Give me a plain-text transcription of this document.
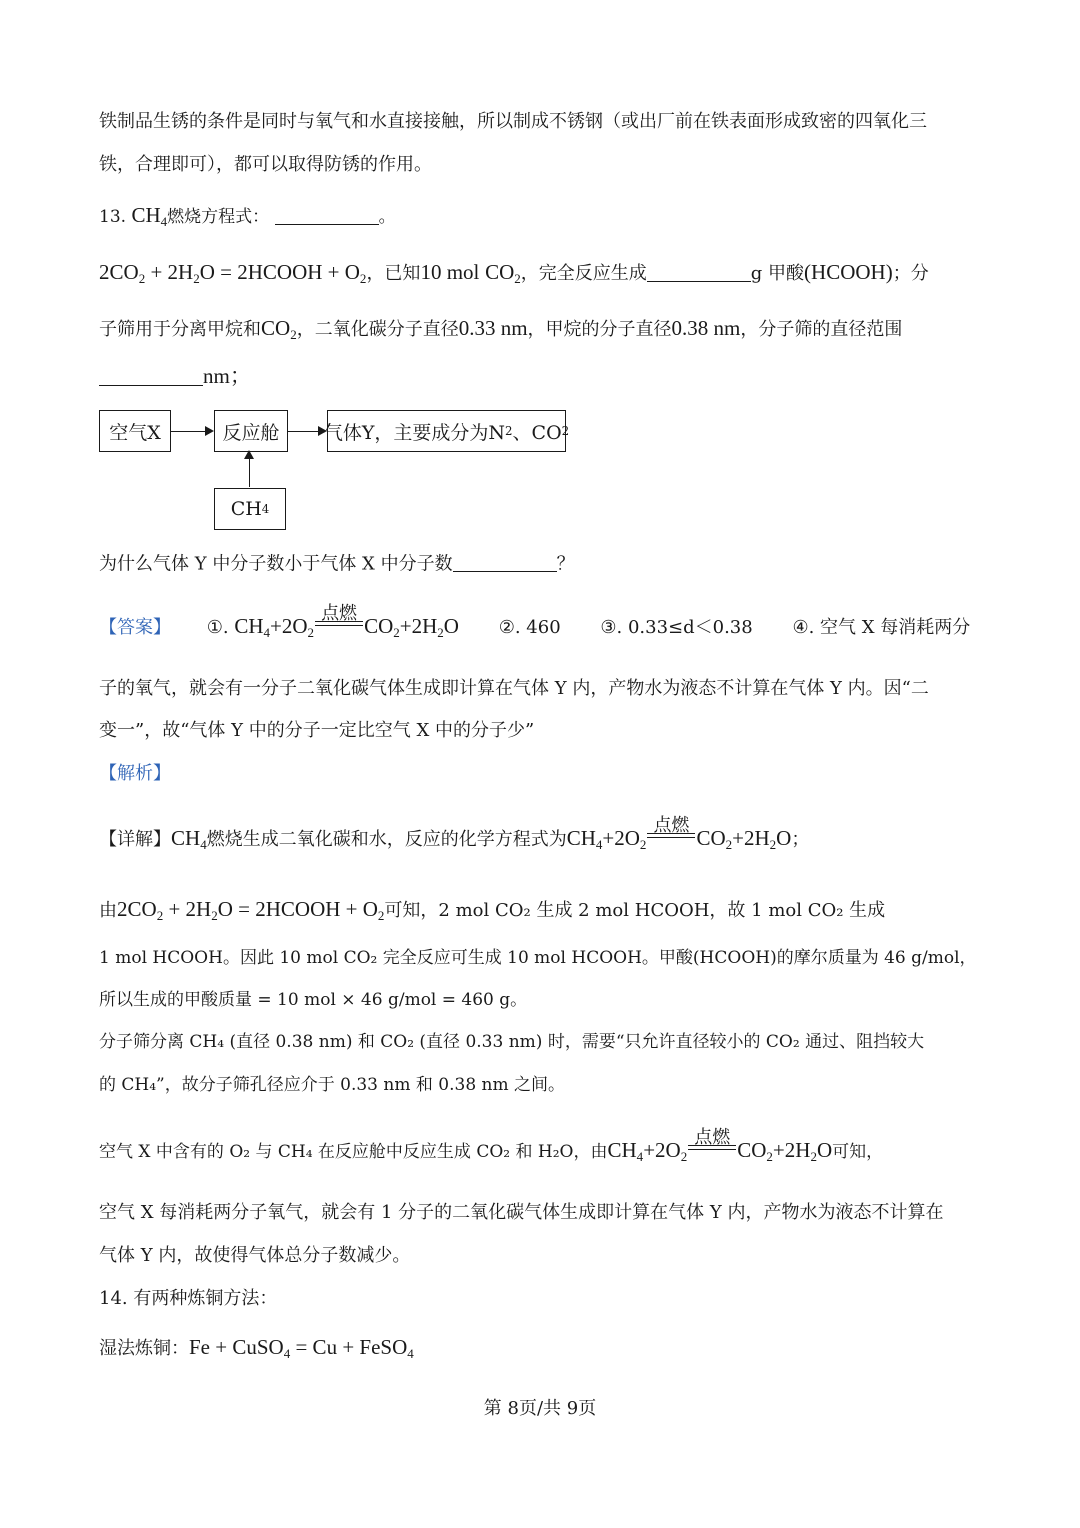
铁制品生锈的条件是同时与氧气和水直接接触，所以制成不锈钢（或出厂前在铁表面形成致密的四氧化三
铁，合理即可），都可以取得防锈的作用。
13. $CH_4$燃烧方程式：	。
$2CO_2 + 2H_2O$ = 2HCOOH + $O_2$，已知10 mol $CO_2$，完全反应生成	g 甲酸(HCOOH)；分
子筛用于分离甲烷和$CO_2$，二氧化碳分子直径0.33 nm，甲烷的分子直径0.38 nm，分子筛的直径范围
nm；
空气X	反应舱	气体Y，主要成分为N 2 、CO 2
CH 4
为什么气体 Y 中分子数小于气体 X 中分子数	？
【答案】 ①. $CH_4+2O_2$
点燃
$CO_2+2H_2O$ ②. 460 ③. 0.33≤d＜0.38 ④. 空气 X 每消耗两分
子的氧气，就会有一分子二氧化碳气体生成即计算在气体 Y 内，产物水为液态不计算在气体 Y 内。因“二
变一”，故“气体 Y 中的分子一定比空气 X 中的分子少”
【解析】
【详解】$CH_4$燃烧生成二氧化碳和水，反应的化学方程式为$CH_4+2O_2$
点燃
$CO_2+2H_2O$；
由$2CO_2 + 2H_2O$ = 2HCOOH + $O_2$可知，2 mol CO₂ 生成 2 mol HCOOH，故 1 mol CO₂ 生成
1 mol HCOOH。因此 10 mol CO₂ 完全反应可生成 10 mol HCOOH。甲酸(HCOOH)的摩尔质量为 46 g/mol，
所以生成的甲酸质量 = 10 mol × 46 g/mol = 460 g。
分子筛分离 CH₄ (直径 0.38 nm) 和 CO₂ (直径 0.33 nm) 时，需要“只允许直径较小的 CO₂ 通过、阻挡较大
的 CH₄”，故分子筛孔径应介于 0.33 nm 和 0.38 nm 之间。
空气 X 中含有的 O₂ 与 CH₄ 在反应舱中反应生成 CO₂ 和 H₂O，由$CH_4+2O_2$
点燃
$CO_2+2H_2O$可知，
空气 X 每消耗两分子氧气，就会有 1 分子的二氧化碳气体生成即计算在气体 Y 内，产物水为液态不计算在
气体 Y 内，故使得气体总分子数减少。
14. 有两种炼铜方法：
湿法炼铜：Fe + CuSO$_4$ = Cu + FeSO$_4$
第 8页/共 9页
